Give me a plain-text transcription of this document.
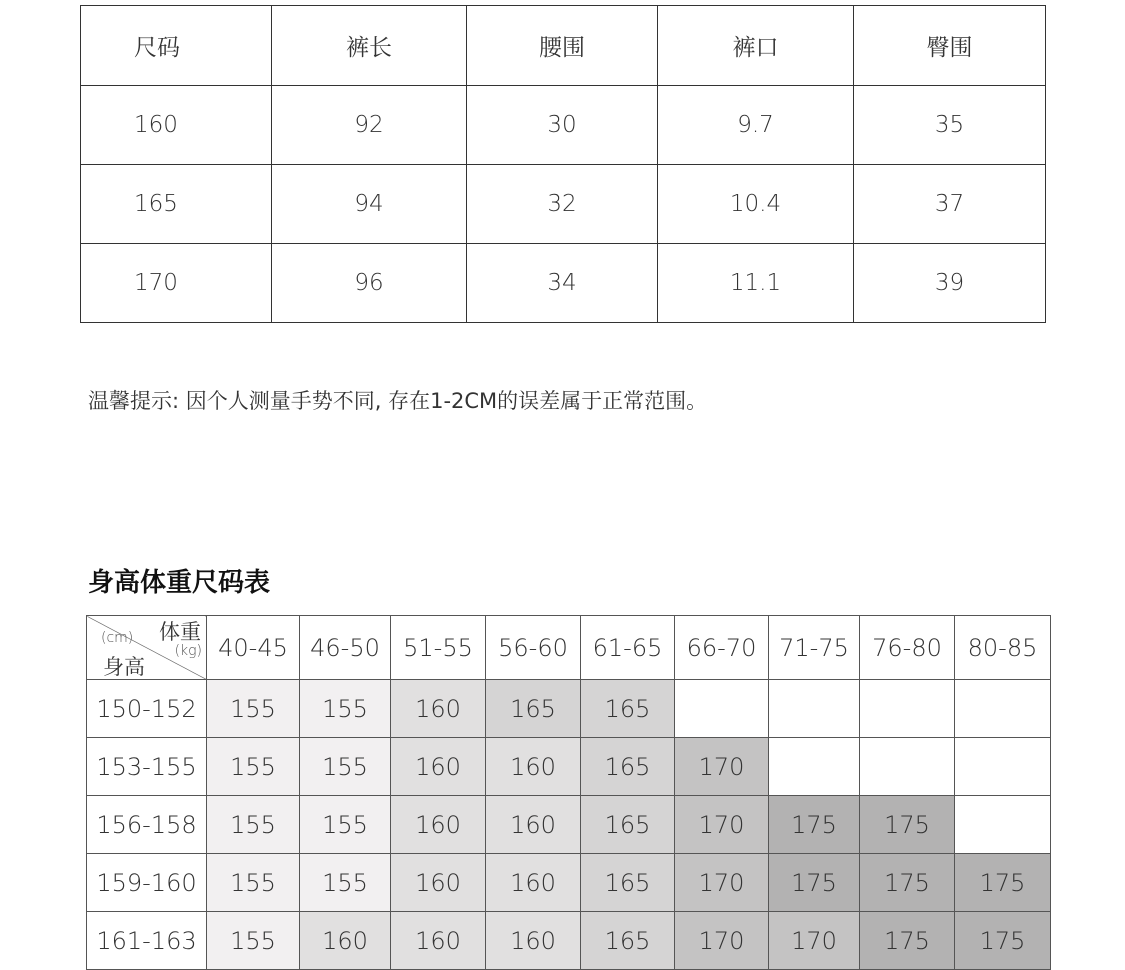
尺码	裤长	腰围	裤口	臀围
160	92	30	9.7	35
165	94	32	10.4	37
170	96	34	11.1	39
温馨提示: 因个人测量手势不同, 存在1-2CM的误差属于正常范围。
身高体重尺码表
体重
(kg)
(cm)
身高	40-45	46-50	51-55	56-60	61-65	66-70	71-75	76-80	80-85
150-152	155	155	160	165	165				
153-155	155	155	160	160	165	170			
156-158	155	155	160	160	165	170	175	175	
159-160	155	155	160	160	165	170	175	175	175
161-163	155	160	160	160	165	170	170	175	175
